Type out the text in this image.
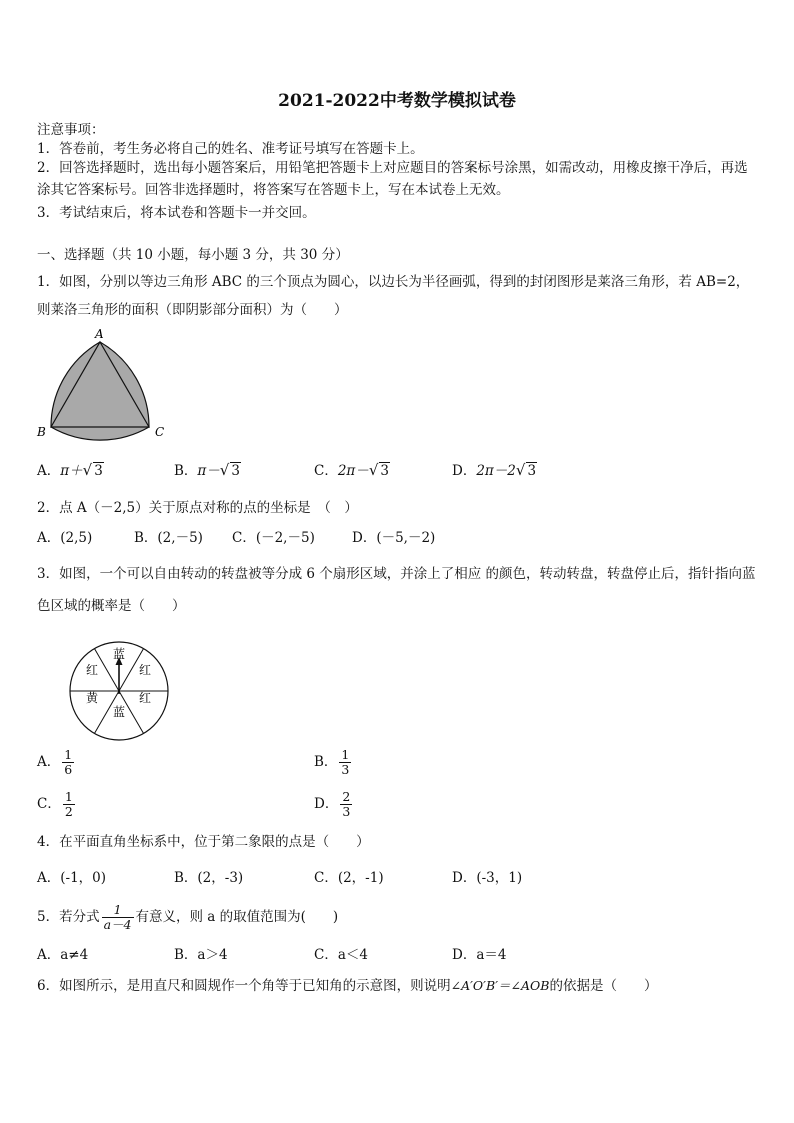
2021-2022中考数学模拟试卷
注意事项：
1．答卷前，考生务必将自己的姓名、准考证号填写在答题卡上。
2．回答选择题时，选出每小题答案后，用铅笔把答题卡上对应题目的答案标号涂黑，如需改动，用橡皮擦干净后，再选涂其它答案标号。回答非选择题时，将答案写在答题卡上，写在本试卷上无效。
3．考试结束后，将本试卷和答题卡一并交回。
一、选择题（共 10 小题，每小题 3 分，共 30 分）
1．如图，分别以等边三角形 ABC 的三个顶点为圆心，以边长为半径画弧，得到的封闭图形是莱洛三角形，若 AB=2，则莱洛三角形的面积（即阴影部分面积）为（　　）
A
B	C
A．π＋√ 3	B．π－√ 3	C．2π－√ 3	D．2π－2√ 3
2．点 A（－2,5）关于原点对称的点的坐标是　（　）
A．(2,5)	B．(2,－5) C．(－2,－5)	D．(－5,－2)
3．如图，一个可以自由转动的转盘被等分成 6 个扇形区域，并涂上了相应 的颜色，转动转盘，转盘停止后，指针指向蓝色区域的概率是（　　）
蓝
红
红
蓝
黄
红
A． $\frac{1}{6}$	B． $\frac{1}{3}$
C． $\frac{1}{2}$	D． $\frac{2}{3}$
4．在平面直角坐标系中，位于第二象限的点是（　　）
A．(-1，0)	B．(2，-3)	C．(2，-1)	D．(-3，1)
5．若分式 $\frac{1}{a-4}$ 有意义，则 a 的取值范围为(　　)
A．a≠4	B．a＞4	C．a＜4	D．a＝4
6．如图所示，是用直尺和圆规作一个角等于已知角的示意图，则说明∠A′O′B′＝∠AOB的依据是（　　）
